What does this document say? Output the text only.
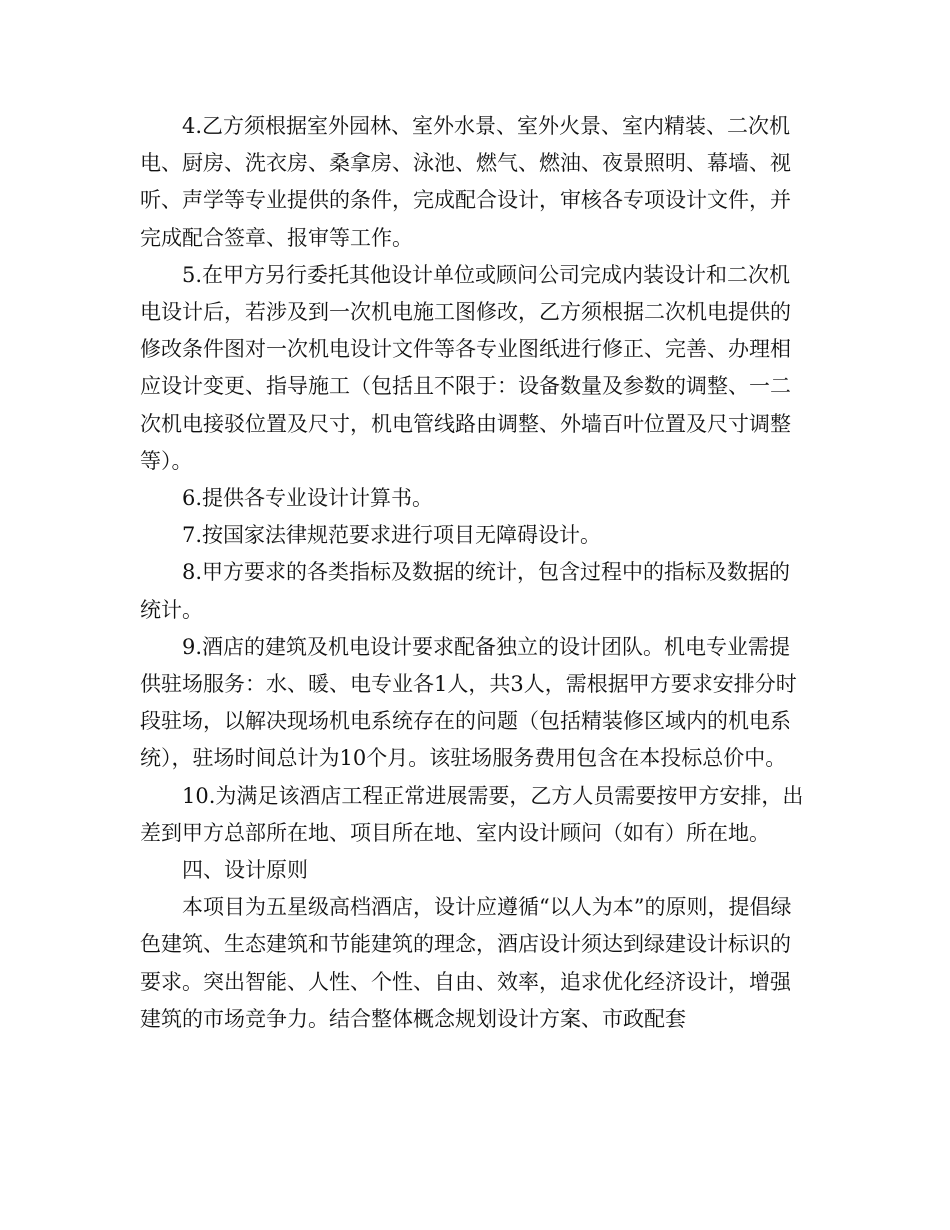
4.乙方须根据室外园林、室外水景、室外火景、室内精装、二次机电、厨房、洗衣房、桑拿房、泳池、燃气、燃油、夜景照明、幕墙、视听、声学等专业提供的条件，完成配合设计，审核各专项设计文件，并完成配合签章、报审等工作。

5.在甲方另行委托其他设计单位或顾问公司完成内装设计和二次机电设计后，若涉及到一次机电施工图修改，乙方须根据二次机电提供的修改条件图对一次机电设计文件等各专业图纸进行修正、完善、办理相应设计变更、指导施工（包括且不限于：设备数量及参数的调整、一二次机电接驳位置及尺寸，机电管线路由调整、外墙百叶位置及尺寸调整等）。

6.提供各专业设计计算书。

7.按国家法律规范要求进行项目无障碍设计。

8.甲方要求的各类指标及数据的统计，包含过程中的指标及数据的统计。

9.酒店的建筑及机电设计要求配备独立的设计团队。机电专业需提供驻场服务：水、暖、电专业各1人，共3人，需根据甲方要求安排分时段驻场，以解决现场机电系统存在的问题（包括精装修区域内的机电系统），驻场时间总计为10个月。该驻场服务费用包含在本投标总价中。

10.为满足该酒店工程正常进展需要，乙方人员需要按甲方安排，出差到甲方总部所在地、项目所在地、室内设计顾问（如有）所在地。

四、设计原则

本项目为五星级高档酒店，设计应遵循“以人为本”的原则，提倡绿色建筑、生态建筑和节能建筑的理念，酒店设计须达到绿建设计标识的要求。突出智能、人性、个性、自由、效率，追求优化经济设计，增强建筑的市场竞争力。结合整体概念规划设计方案、市政配套
